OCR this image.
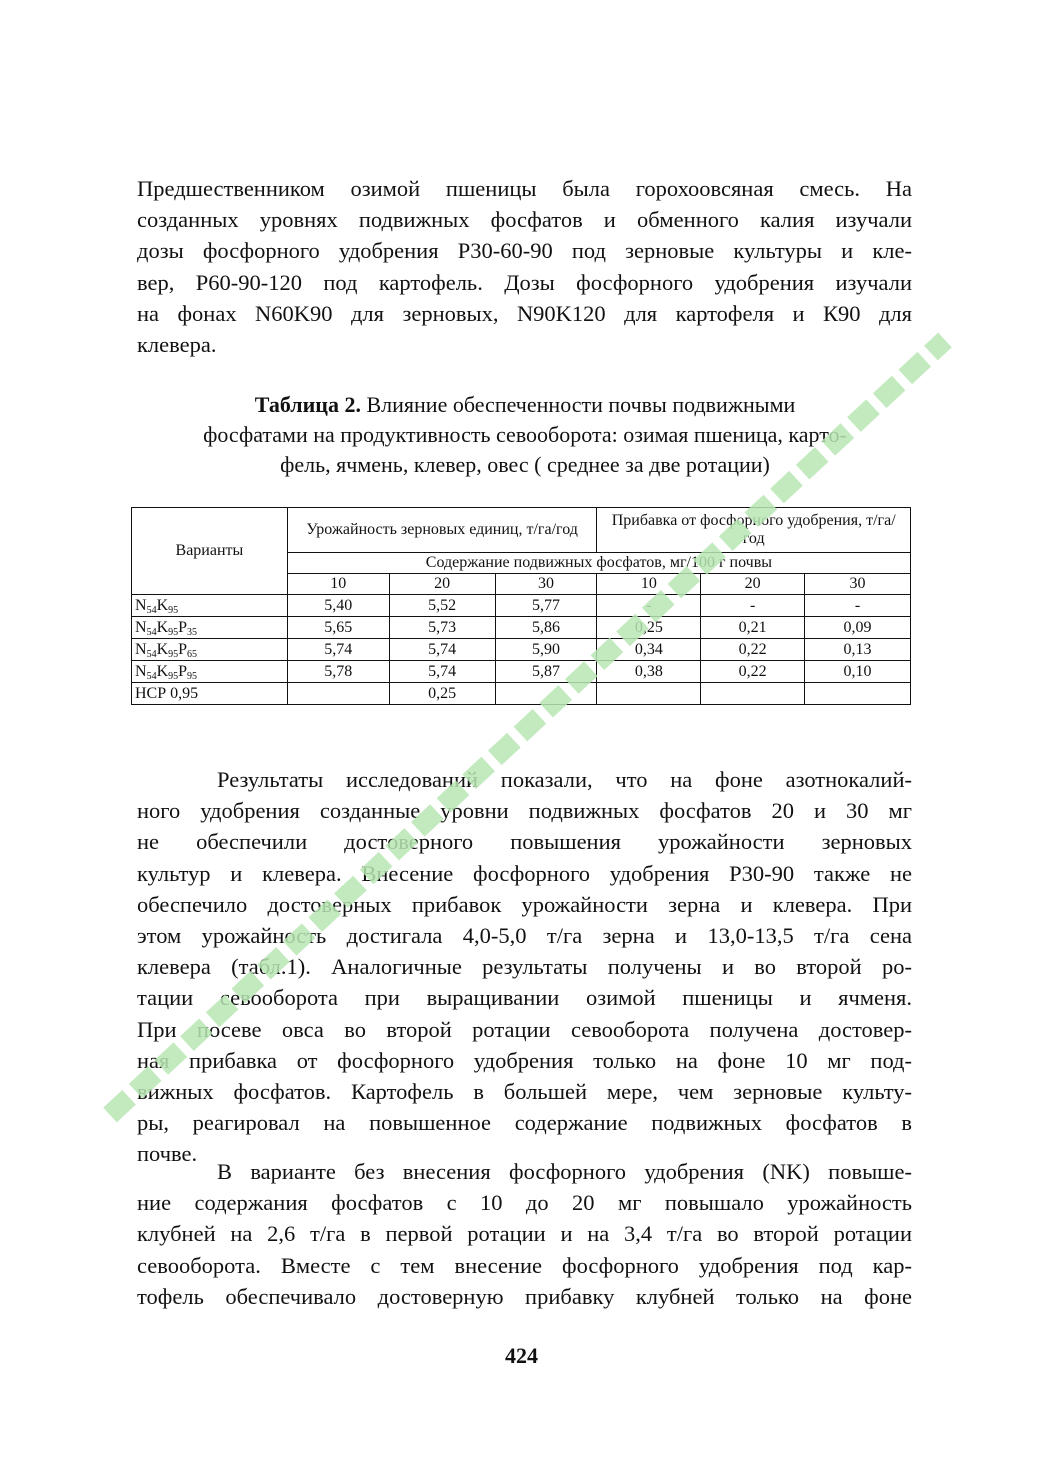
Предшественником озимой пшеницы была горохоовсяная смесь. На
созданных уровнях подвижных фосфатов и обменного калия изучали
дозы фосфорного удобрения Р30-60-90 под зерновые культуры и кле-
вер, Р60-90-120 под картофель. Дозы фосфорного удобрения изучали
на фонах N60K90 для зерновых, N90K120 для картофеля и К90 для
клевера.

Таблица 2. Влияние обеспеченности почвы подвижными
фосфатами на продуктивность севооборота: озимая пшеница, карто-
фель, ячмень, клевер, овес ( среднее за две ротации)

Варианты	Урожайность зерновых единиц, т/га/год			Прибавка от фосфорного удобрения, т/га/год		
	Содержание подвижных фосфатов, мг/100 г почвы					
	10	20	30	10	20	30
$N_{54}K_{95}$	5,40	5,52	5,77	-	-	-
$N_{54}K_{95}P_{35}$	5,65	5,73	5,86	0,25	0,21	0,09
$N_{54}K_{95}P_{65}$	5,74	5,74	5,90	0,34	0,22	0,13
$N_{54}K_{95}P_{95}$	5,78	5,74	5,87	0,38	0,22	0,10
НСР 0,95		0,25				

Результаты исследований показали, что на фоне азотнокалий-
ного удобрения созданные уровни подвижных фосфатов 20 и 30 мг
не обеспечили достоверного повышения урожайности зерновых
культур и клевера. Внесение фосфорного удобрения Р30-90 также не
обеспечило достоверных прибавок урожайности зерна и клевера. При
этом урожайность достигала 4,0-5,0 т/га зерна и 13,0-13,5 т/га сена
клевера (табл.1). Аналогичные результаты получены и во второй ро-
тации севооборота при выращивании озимой пшеницы и ячменя.
При посеве овса во второй ротации севооборота получена достовер-
ная прибавка от фосфорного удобрения только на фоне 10 мг под-
вижных фосфатов. Картофель в большей мере, чем зерновые культу-
ры, реагировал на повышенное содержание подвижных фосфатов в
почве.

В варианте без внесения фосфорного удобрения (NK) повыше-
ние содержания фосфатов с 10 до 20 мг повышало урожайность
клубней на 2,6 т/га в первой ротации и на 3,4 т/га во второй ротации
севооборота. Вместе с тем внесение фосфорного удобрения под кар-
тофель обеспечивало достоверную прибавку клубней только на фоне

424
